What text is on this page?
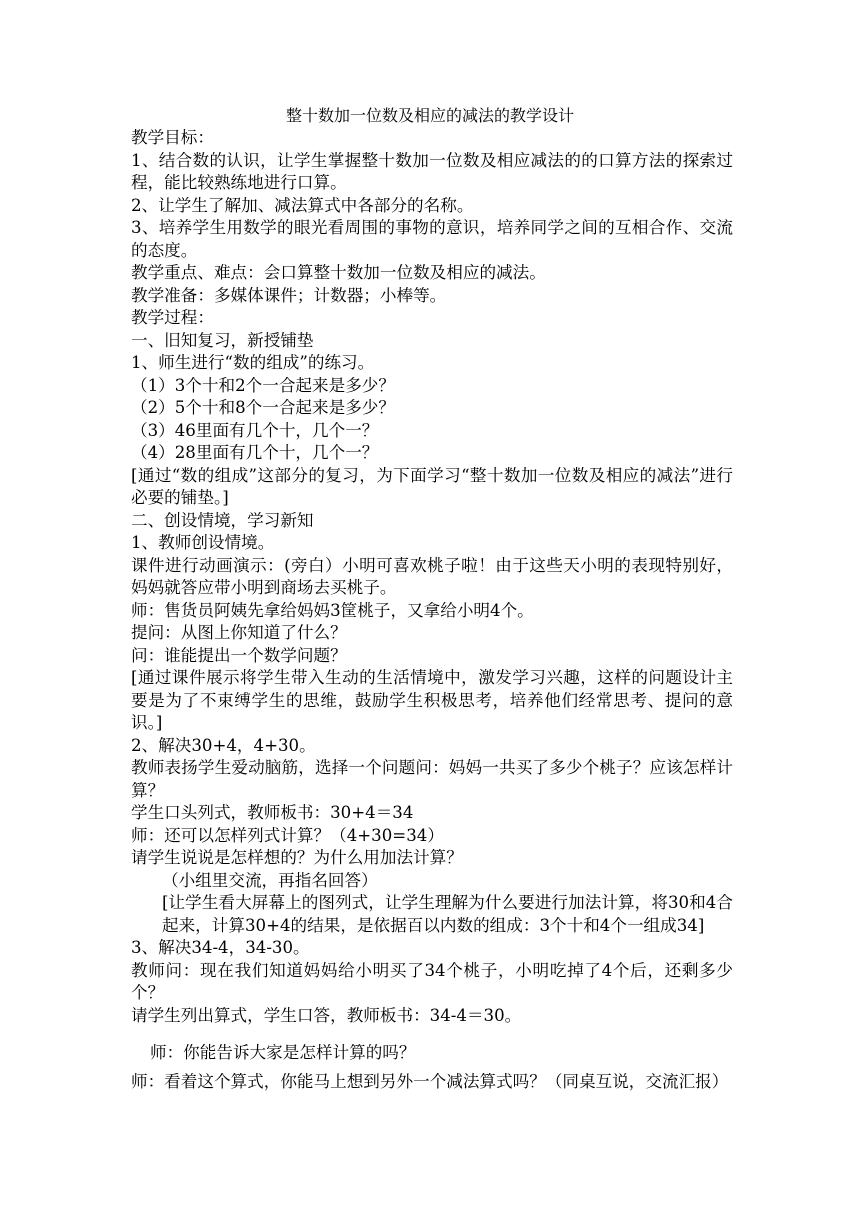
整十数加一位数及相应的减法的教学设计

教学目标：

1、结合数的认识，让学生掌握整十数加一位数及相应减法的的口算方法的探索过程，能比较熟练地进行口算。

2、让学生了解加、减法算式中各部分的名称。

3、培养学生用数学的眼光看周围的事物的意识，培养同学之间的互相合作、交流的态度。

教学重点、难点：会口算整十数加一位数及相应的减法。

教学准备：多媒体课件；计数器；小棒等。

教学过程：

一、旧知复习，新授铺垫

1、师生进行“数的组成”的练习。

（1）3个十和2个一合起来是多少？

（2）5个十和8个一合起来是多少？

（3）46里面有几个十，几个一？

（4）28里面有几个十，几个一？

[通过“数的组成”这部分的复习，为下面学习“整十数加一位数及相应的减法”进行必要的铺垫。]

二、创设情境，学习新知

1、教师创设情境。

课件进行动画演示：(旁白）小明可喜欢桃子啦！由于这些天小明的表现特别好，妈妈就答应带小明到商场去买桃子。

师：售货员阿姨先拿给妈妈3筐桃子，又拿给小明4个。

提问：从图上你知道了什么？

问：谁能提出一个数学问题？

[通过课件展示将学生带入生动的生活情境中，激发学习兴趣，这样的问题设计主要是为了不束缚学生的思维，鼓励学生积极思考，培养他们经常思考、提问的意识。]

2、解决30+4，4+30。

教师表扬学生爱动脑筋，选择一个问题问：妈妈一共买了多少个桃子？应该怎样计算？

学生口头列式，教师板书：30+4＝34

师：还可以怎样列式计算？（4+30=34）

请学生说说是怎样想的？为什么用加法计算？

（小组里交流，再指名回答）

[让学生看大屏幕上的图列式，让学生理解为什么要进行加法计算，将30和4合起来，计算30+4的结果，是依据百以内数的组成：3个十和4个一组成34]

3、解决34-4，34-30。

教师问：现在我们知道妈妈给小明买了34个桃子，小明吃掉了4个后，还剩多少个？

请学生列出算式，学生口答，教师板书：34-4＝30。

师：你能告诉大家是怎样计算的吗？

师：看着这个算式，你能马上想到另外一个减法算式吗？（同桌互说，交流汇报）
